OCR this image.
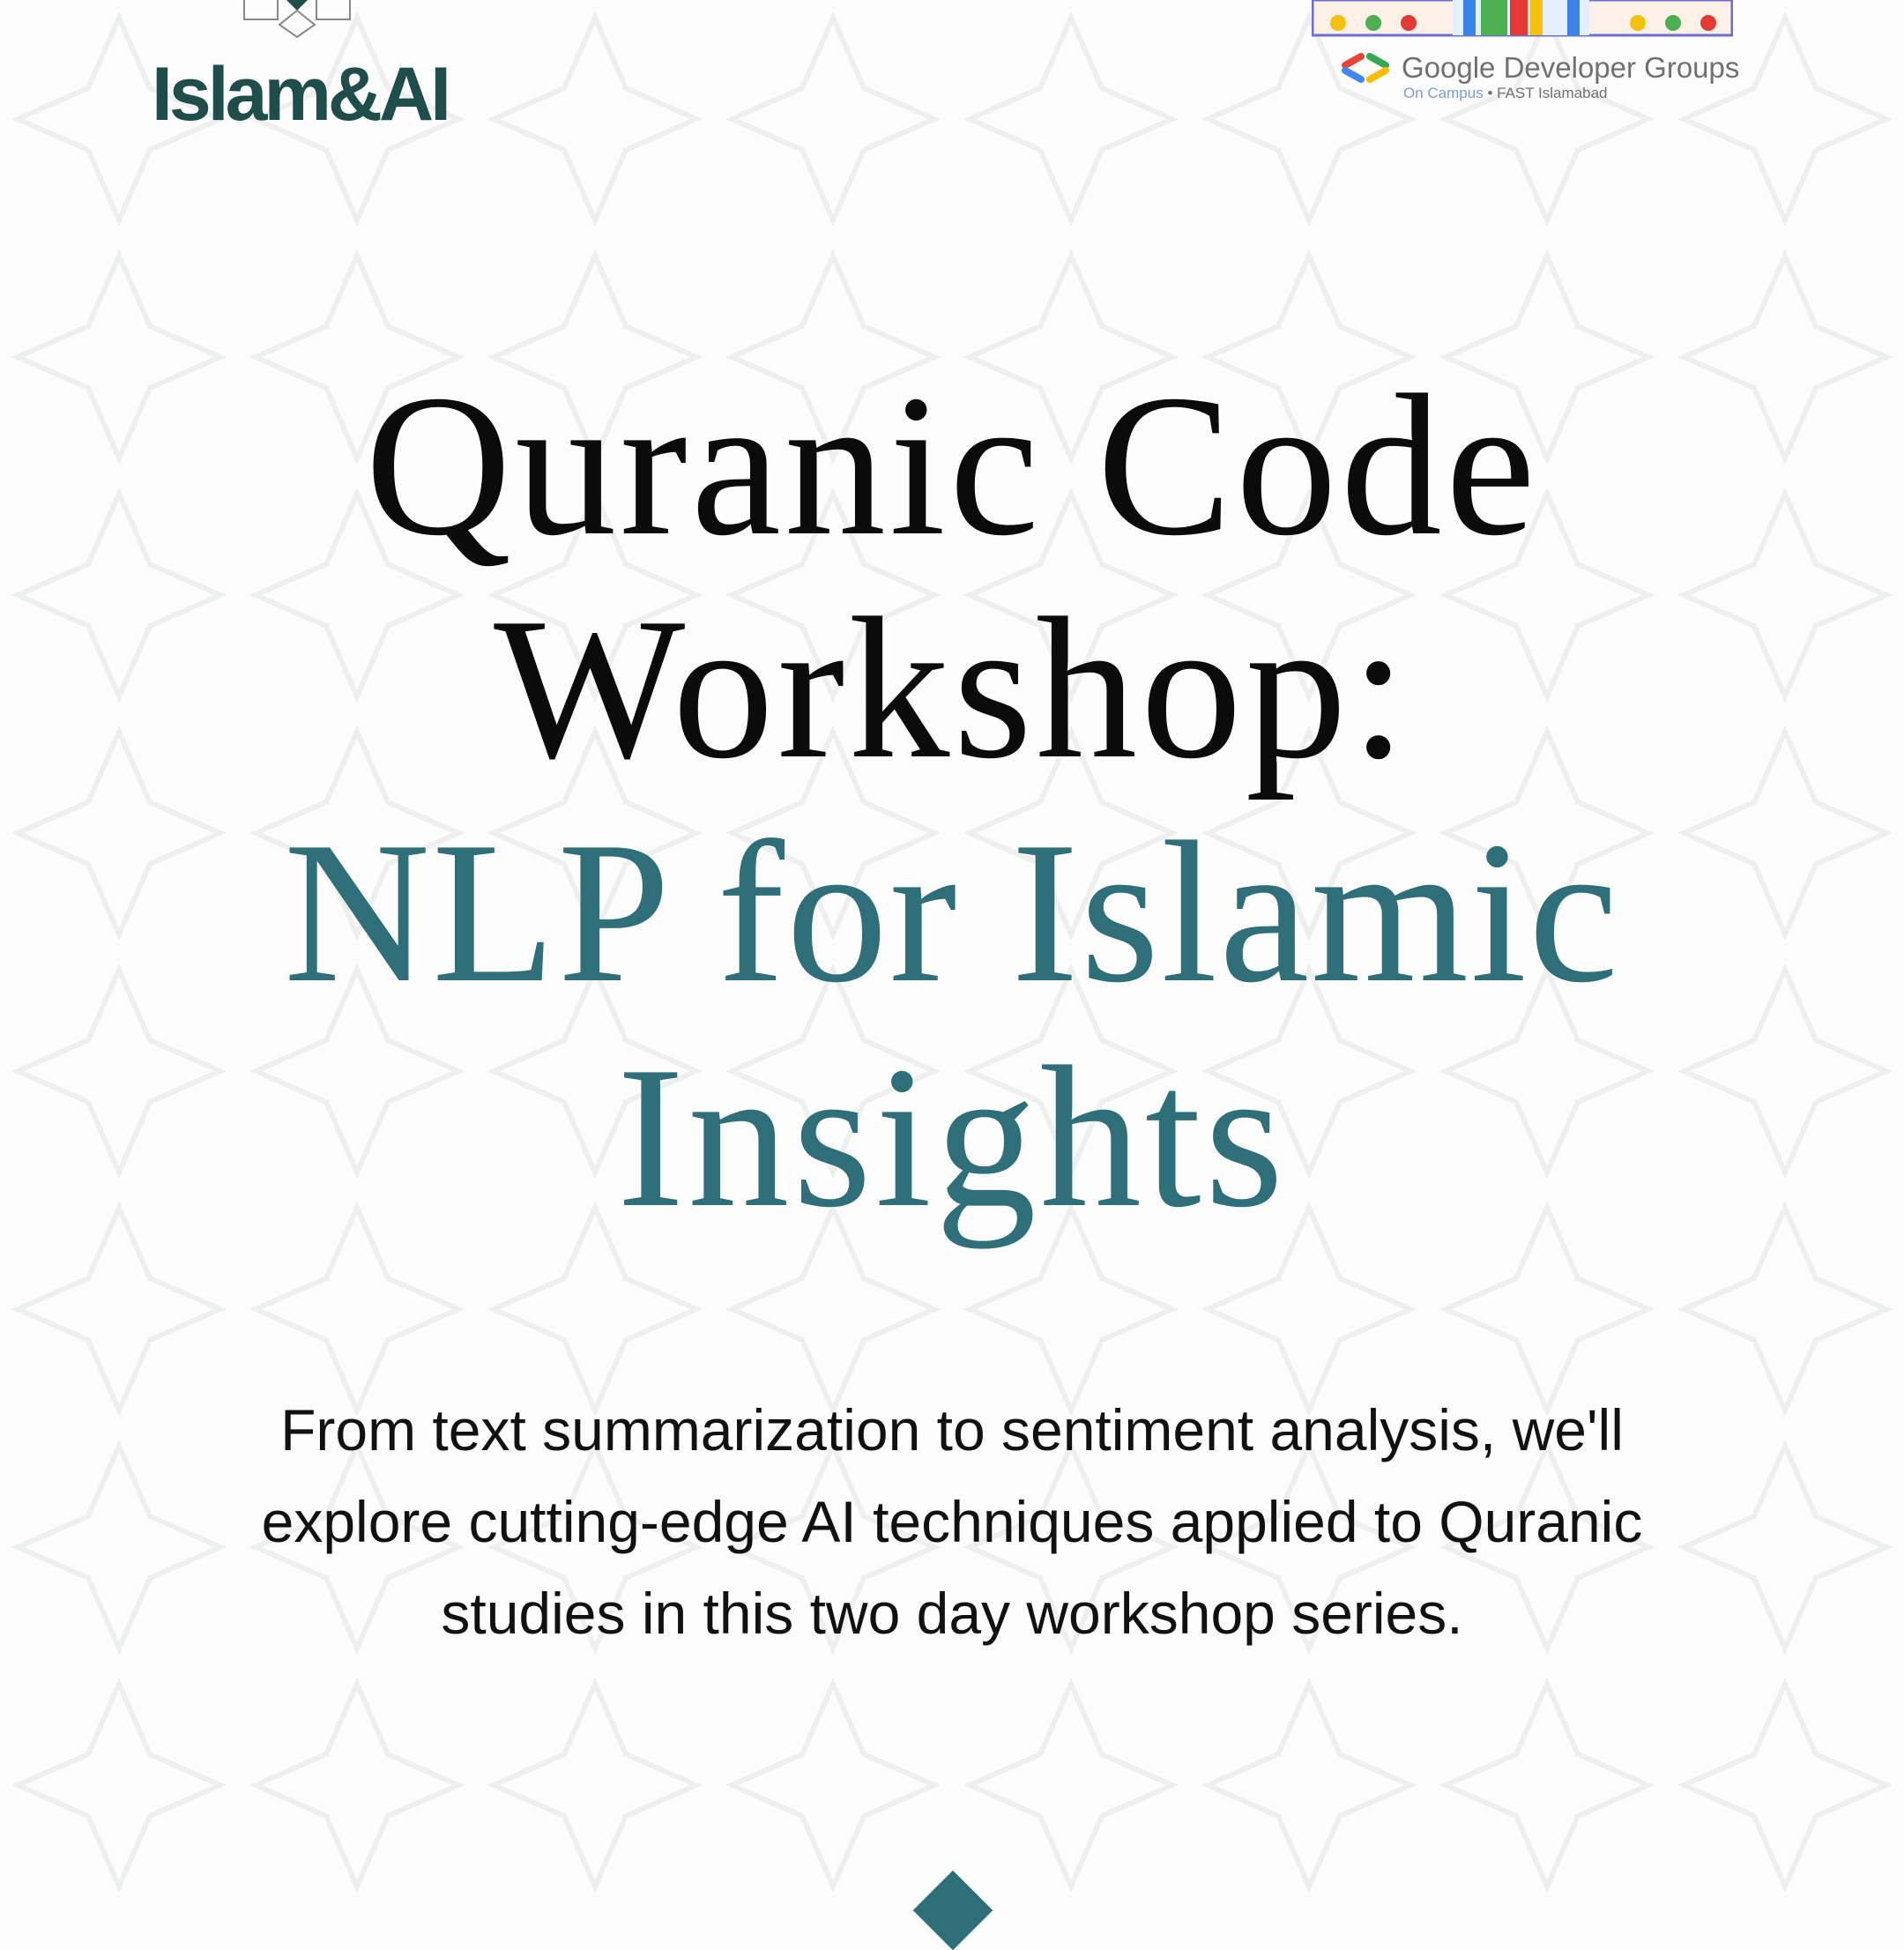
Islam&AI	Google Developer Groups
On Campus • FAST Islamabad
Quranic Code
Workshop:
NLP for Islamic
Insights
From text summarization to sentiment analysis, we'll
explore cutting-edge AI techniques applied to Quranic
studies in this two day workshop series.
